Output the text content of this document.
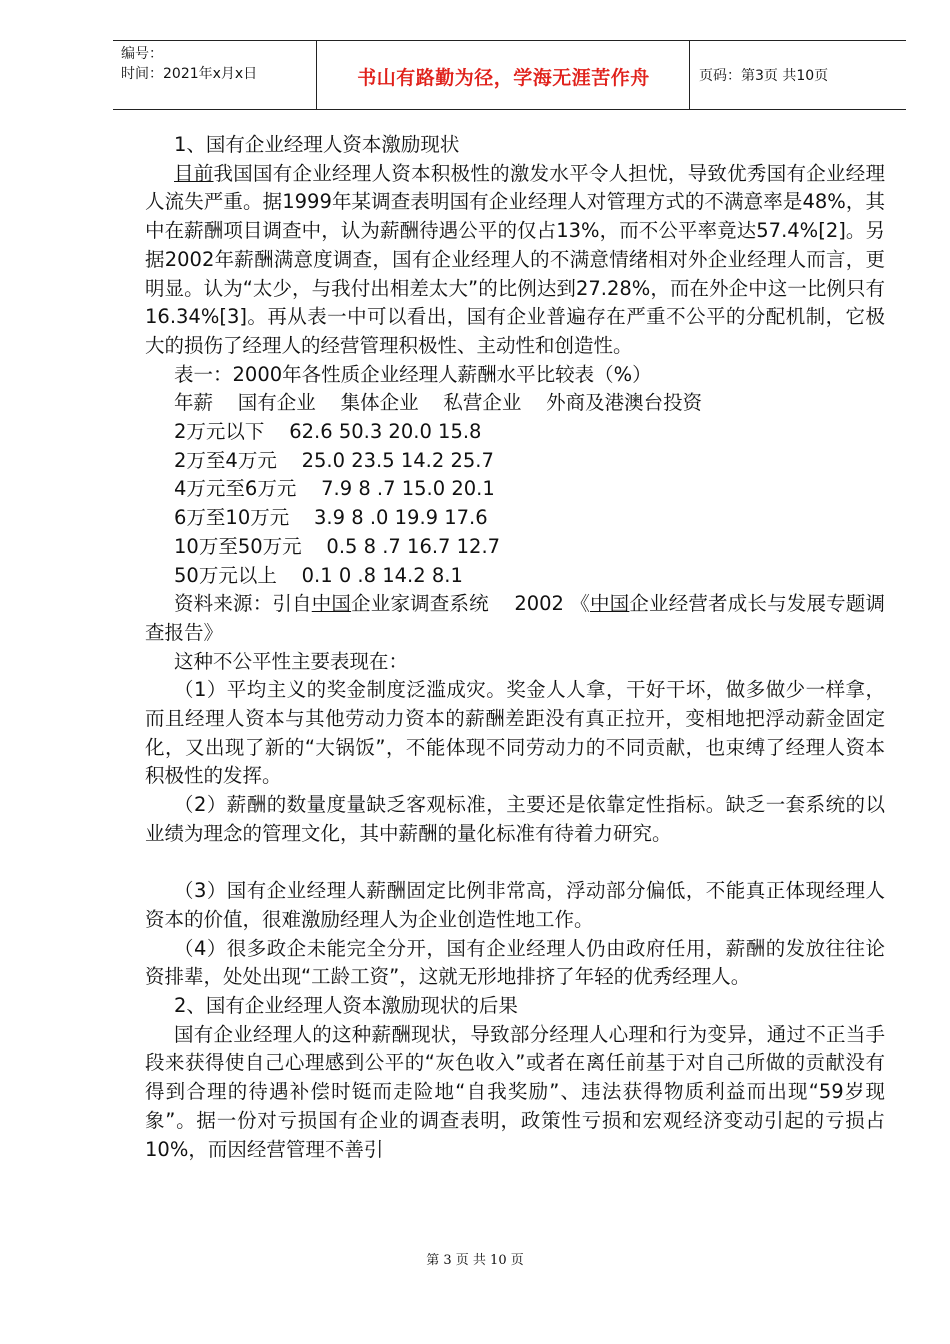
编号：
时间：2021年x月x日	书山有路勤为径，学海无涯苦作舟	页码：第3页 共10页

1、国有企业经理人资本激励现状

目前我国国有企业经理人资本积极性的激发水平令人担忧，导致优秀国有企业经理人流失严重。据1999年某调查表明国有企业经理人对管理方式的不满意率是48%，其中在薪酬项目调查中，认为薪酬待遇公平的仅占13%，而不公平率竟达57.4%[2]。另据2002年薪酬满意度调查，国有企业经理人的不满意情绪相对外企业经理人而言，更明显。认为“太少，与我付出相差太大”的比例达到27.28%，而在外企中这一比例只有16.34%[3]。再从表一中可以看出，国有企业普遍存在严重不公平的分配机制，它极大的损伤了经理人的经营管理积极性、主动性和创造性。

表一：2000年各性质企业经理人薪酬水平比较表（%）

年薪    国有企业    集体企业    私营企业    外商及港澳台投资

2万元以下    62.6 50.3 20.0 15.8

2万至4万元    25.0 23.5 14.2 25.7

4万元至6万元    7.9 8 .7 15.0 20.1

6万至10万元    3.9 8 .0 19.9 17.6

10万至50万元    0.5 8 .7 16.7 12.7

50万元以上    0.1 0 .8 14.2 8.1

资料来源：引自中国企业家调查系统    2002 《中国企业经营者成长与发展专题调查报告》

这种不公平性主要表现在：

（1）平均主义的奖金制度泛滥成灾。奖金人人拿，干好干坏，做多做少一样拿，而且经理人资本与其他劳动力资本的薪酬差距没有真正拉开，变相地把浮动薪金固定化，又出现了新的“大锅饭”，不能体现不同劳动力的不同贡献，也束缚了经理人资本积极性的发挥。

（2）薪酬的数量度量缺乏客观标准，主要还是依靠定性指标。缺乏一套系统的以业绩为理念的管理文化，其中薪酬的量化标准有待着力研究。

（3）国有企业经理人薪酬固定比例非常高，浮动部分偏低，不能真正体现经理人资本的价值，很难激励经理人为企业创造性地工作。

（4）很多政企未能完全分开，国有企业经理人仍由政府任用，薪酬的发放往往论资排辈，处处出现“工龄工资”，这就无形地排挤了年轻的优秀经理人。

2、国有企业经理人资本激励现状的后果

国有企业经理人的这种薪酬现状，导致部分经理人心理和行为变异，通过不正当手段来获得使自己心理感到公平的“灰色收入”或者在离任前基于对自己所做的贡献没有得到合理的待遇补偿时铤而走险地“自我奖励”、违法获得物质利益而出现“59岁现象”。据一份对亏损国有企业的调查表明，政策性亏损和宏观经济变动引起的亏损占10%，而因经营管理不善引

第 3 页 共 10 页
